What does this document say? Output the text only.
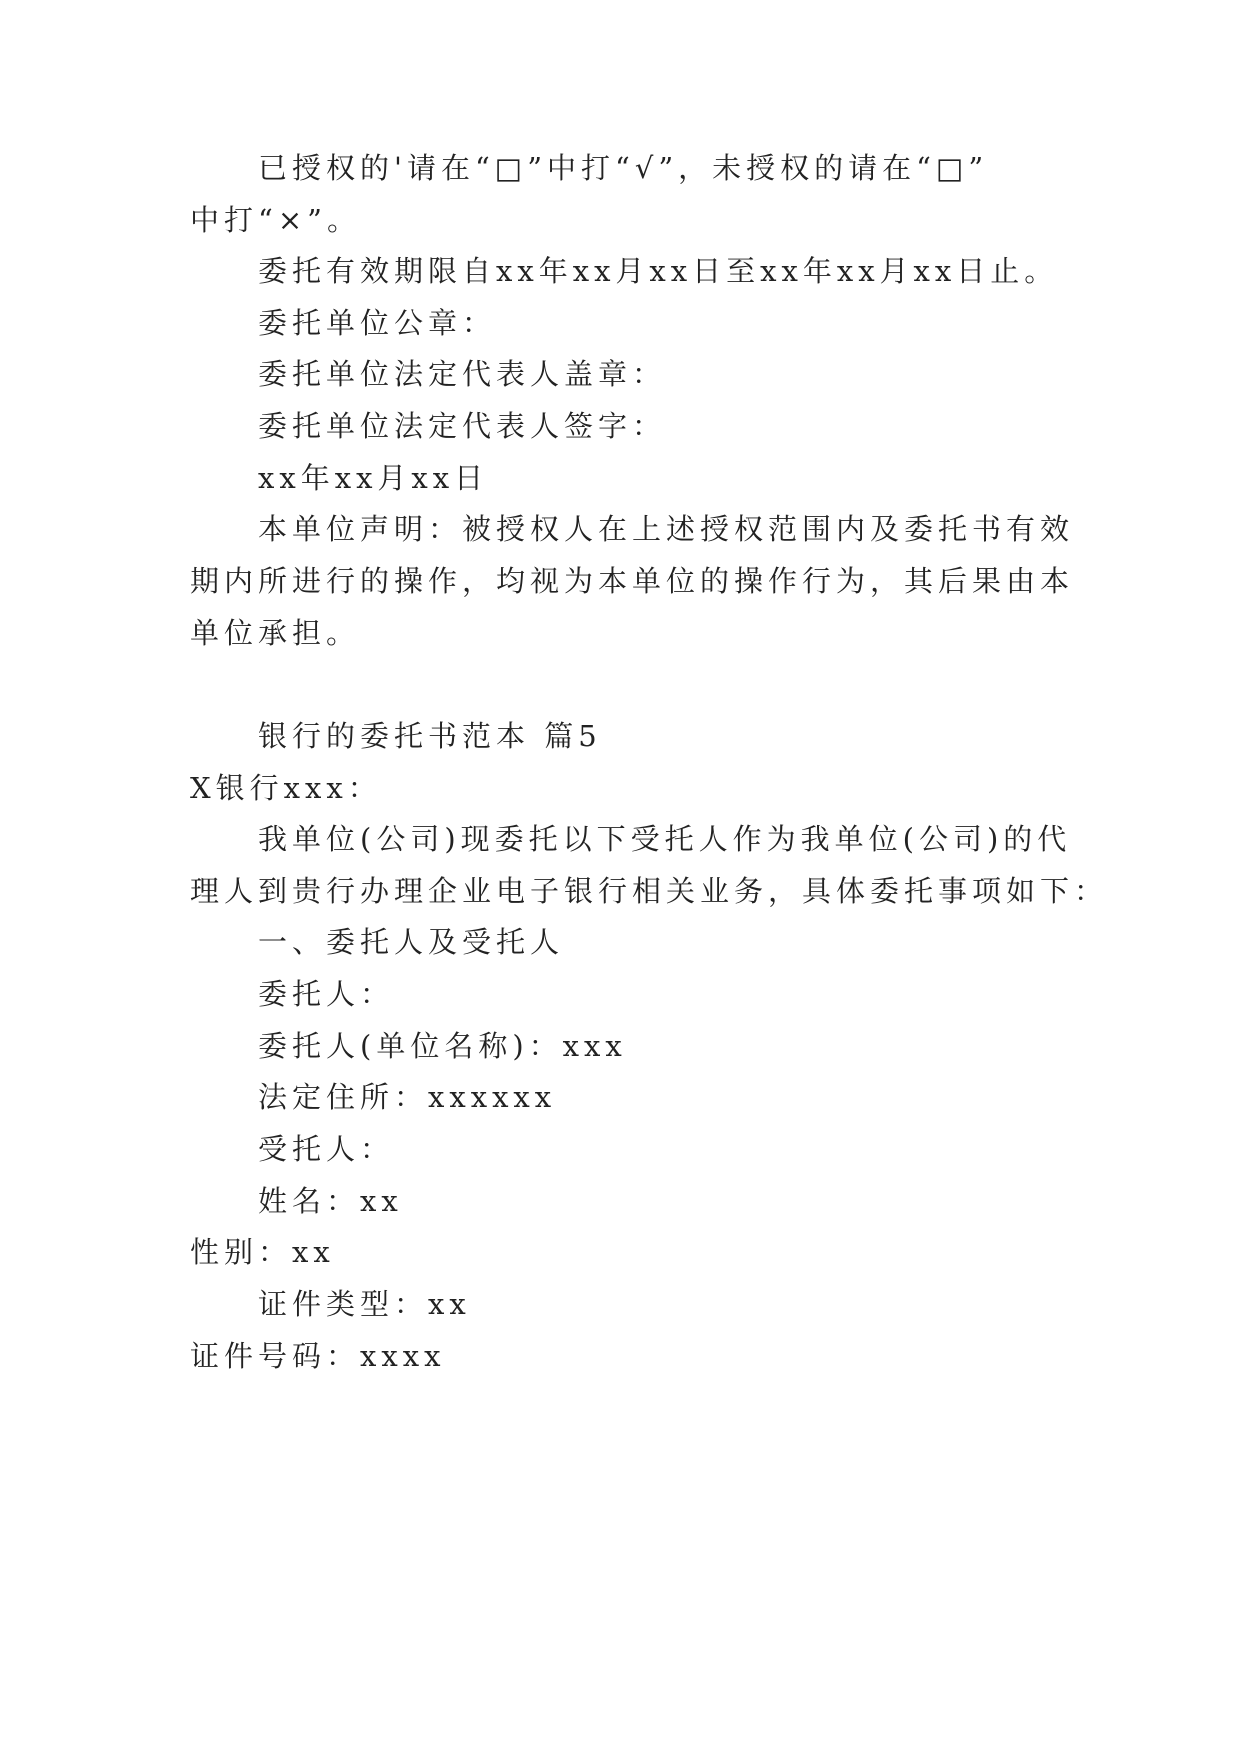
已授权的'请在“□”中打“√”，未授权的请在“□”
中打“×”。
委托有效期限自xx年xx月xx日至xx年xx月xx日止。
委托单位公章：
委托单位法定代表人盖章：
委托单位法定代表人签字：
xx年xx月xx日
本单位声明：被授权人在上述授权范围内及委托书有效
期内所进行的操作，均视为本单位的操作行为，其后果由本
单位承担。
银行的委托书范本 篇5
X银行xxx：
我单位(公司)现委托以下受托人作为我单位(公司)的代
理人到贵行办理企业电子银行相关业务，具体委托事项如下：
一、委托人及受托人
委托人：
委托人(单位名称)：xxx
法定住所：xxxxxx
受托人：
姓名：xx
性别：xx
证件类型：xx
证件号码：xxxx
